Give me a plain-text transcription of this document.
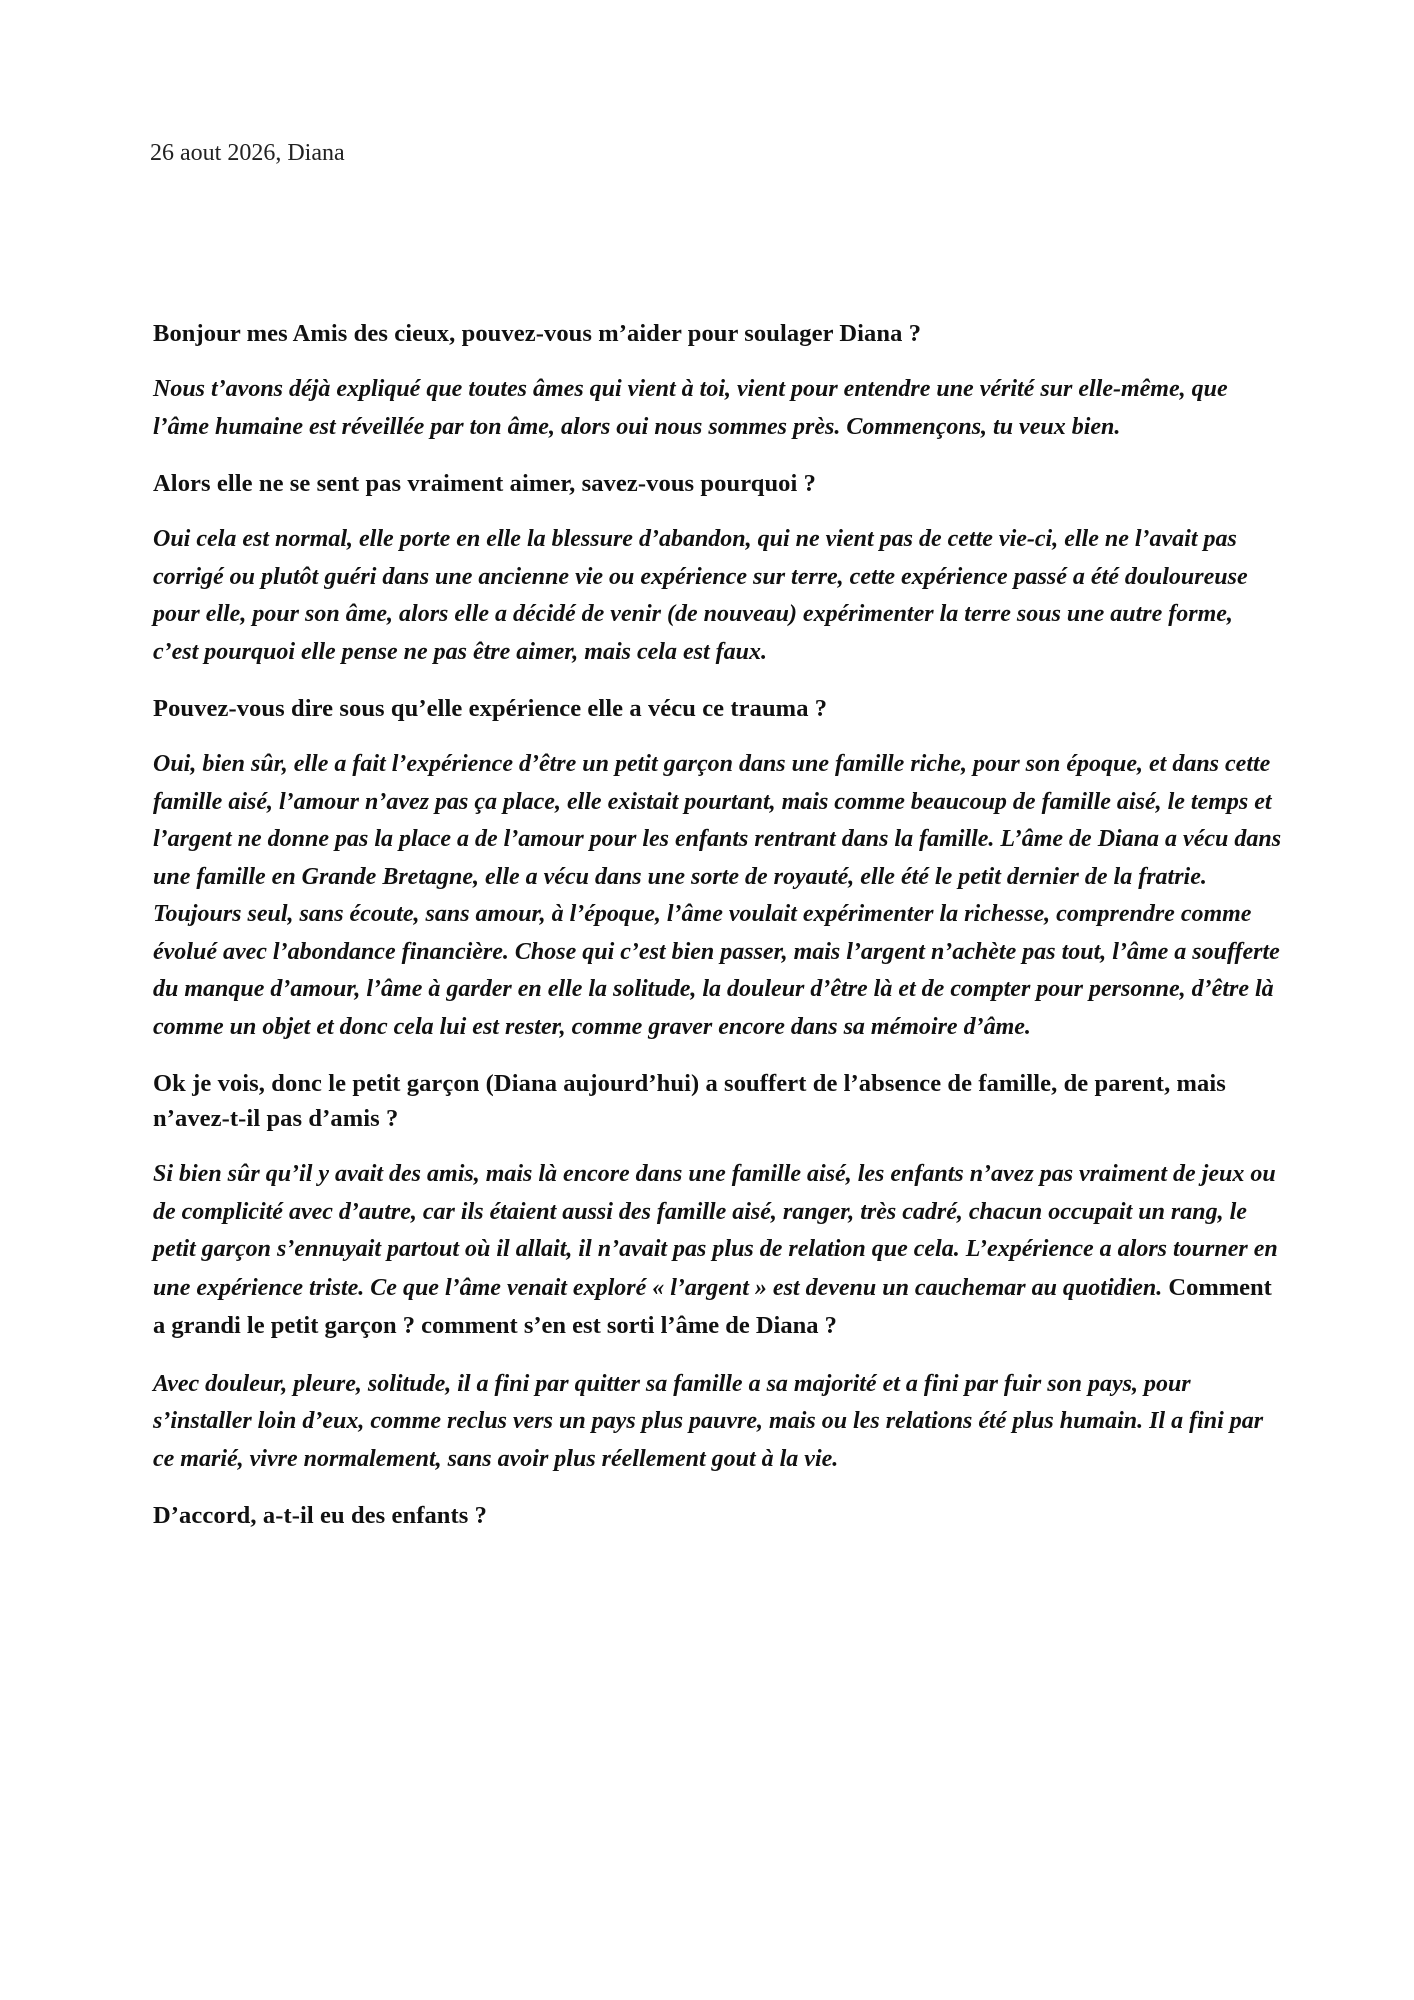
26 aout 2026, Diana

Bonjour mes Amis des cieux, pouvez-vous m’aider pour soulager Diana ?

Nous t’avons déjà expliqué que toutes âmes qui vient à toi, vient pour entendre une vérité sur elle-même, que l’âme humaine est réveillée par ton âme, alors oui nous sommes près. Commençons, tu veux bien.

Alors elle ne se sent pas vraiment aimer, savez-vous pourquoi ?

Oui cela est normal, elle porte en elle la blessure d’abandon, qui ne vient pas de cette vie-ci, elle ne l’avait pas corrigé ou plutôt guéri dans une ancienne vie ou expérience sur terre, cette expérience passé a été douloureuse pour elle, pour son âme, alors elle a décidé de venir (de nouveau) expérimenter la terre sous une autre forme, c’est pourquoi elle pense ne pas être aimer, mais cela est faux.

Pouvez-vous dire sous qu’elle expérience elle a vécu ce trauma ?

Oui, bien sûr, elle a fait l’expérience d’être un petit garçon dans une famille riche, pour son époque, et dans cette famille aisé, l’amour n’avez pas ça place, elle existait pourtant, mais comme beaucoup de famille aisé, le temps et l’argent ne donne pas la place a de l’amour pour les enfants rentrant dans la famille. L’âme de Diana a vécu dans une famille en Grande Bretagne, elle a vécu dans une sorte de royauté, elle été le petit dernier de la fratrie. Toujours seul, sans écoute, sans amour, à l’époque, l’âme voulait expérimenter la richesse, comprendre comme évolué avec l’abondance financière. Chose qui c’est bien passer, mais l’argent n’achète pas tout, l’âme a soufferte du manque d’amour, l’âme à garder en elle la solitude, la douleur d’être là et de compter pour personne, d’être là comme un objet et donc cela lui est rester, comme graver encore dans sa mémoire d’âme.

Ok je vois, donc le petit garçon (Diana aujourd’hui) a souffert de l’absence de famille, de parent, mais n’avez-t-il pas d’amis ?

Si bien sûr qu’il y avait des amis, mais là encore dans une famille aisé, les enfants n’avez pas vraiment de jeux ou de complicité avec d’autre, car ils étaient aussi des famille aisé, ranger, très cadré, chacun occupait un rang, le petit garçon s’ennuyait partout où il allait, il n’avait pas plus de relation que cela. L’expérience a alors tourner en une expérience triste. Ce que l’âme venait exploré « l’argent » est devenu un cauchemar au quotidien. Comment a grandi le petit garçon ? comment s’en est sorti l’âme de Diana ?

Avec douleur, pleure, solitude, il a fini par quitter sa famille a sa majorité et a fini par fuir son pays, pour s’installer loin d’eux, comme reclus vers un pays plus pauvre, mais ou les relations été plus humain. Il a fini par ce marié, vivre normalement, sans avoir plus réellement gout à la vie.

D’accord, a-t-il eu des enfants ?
